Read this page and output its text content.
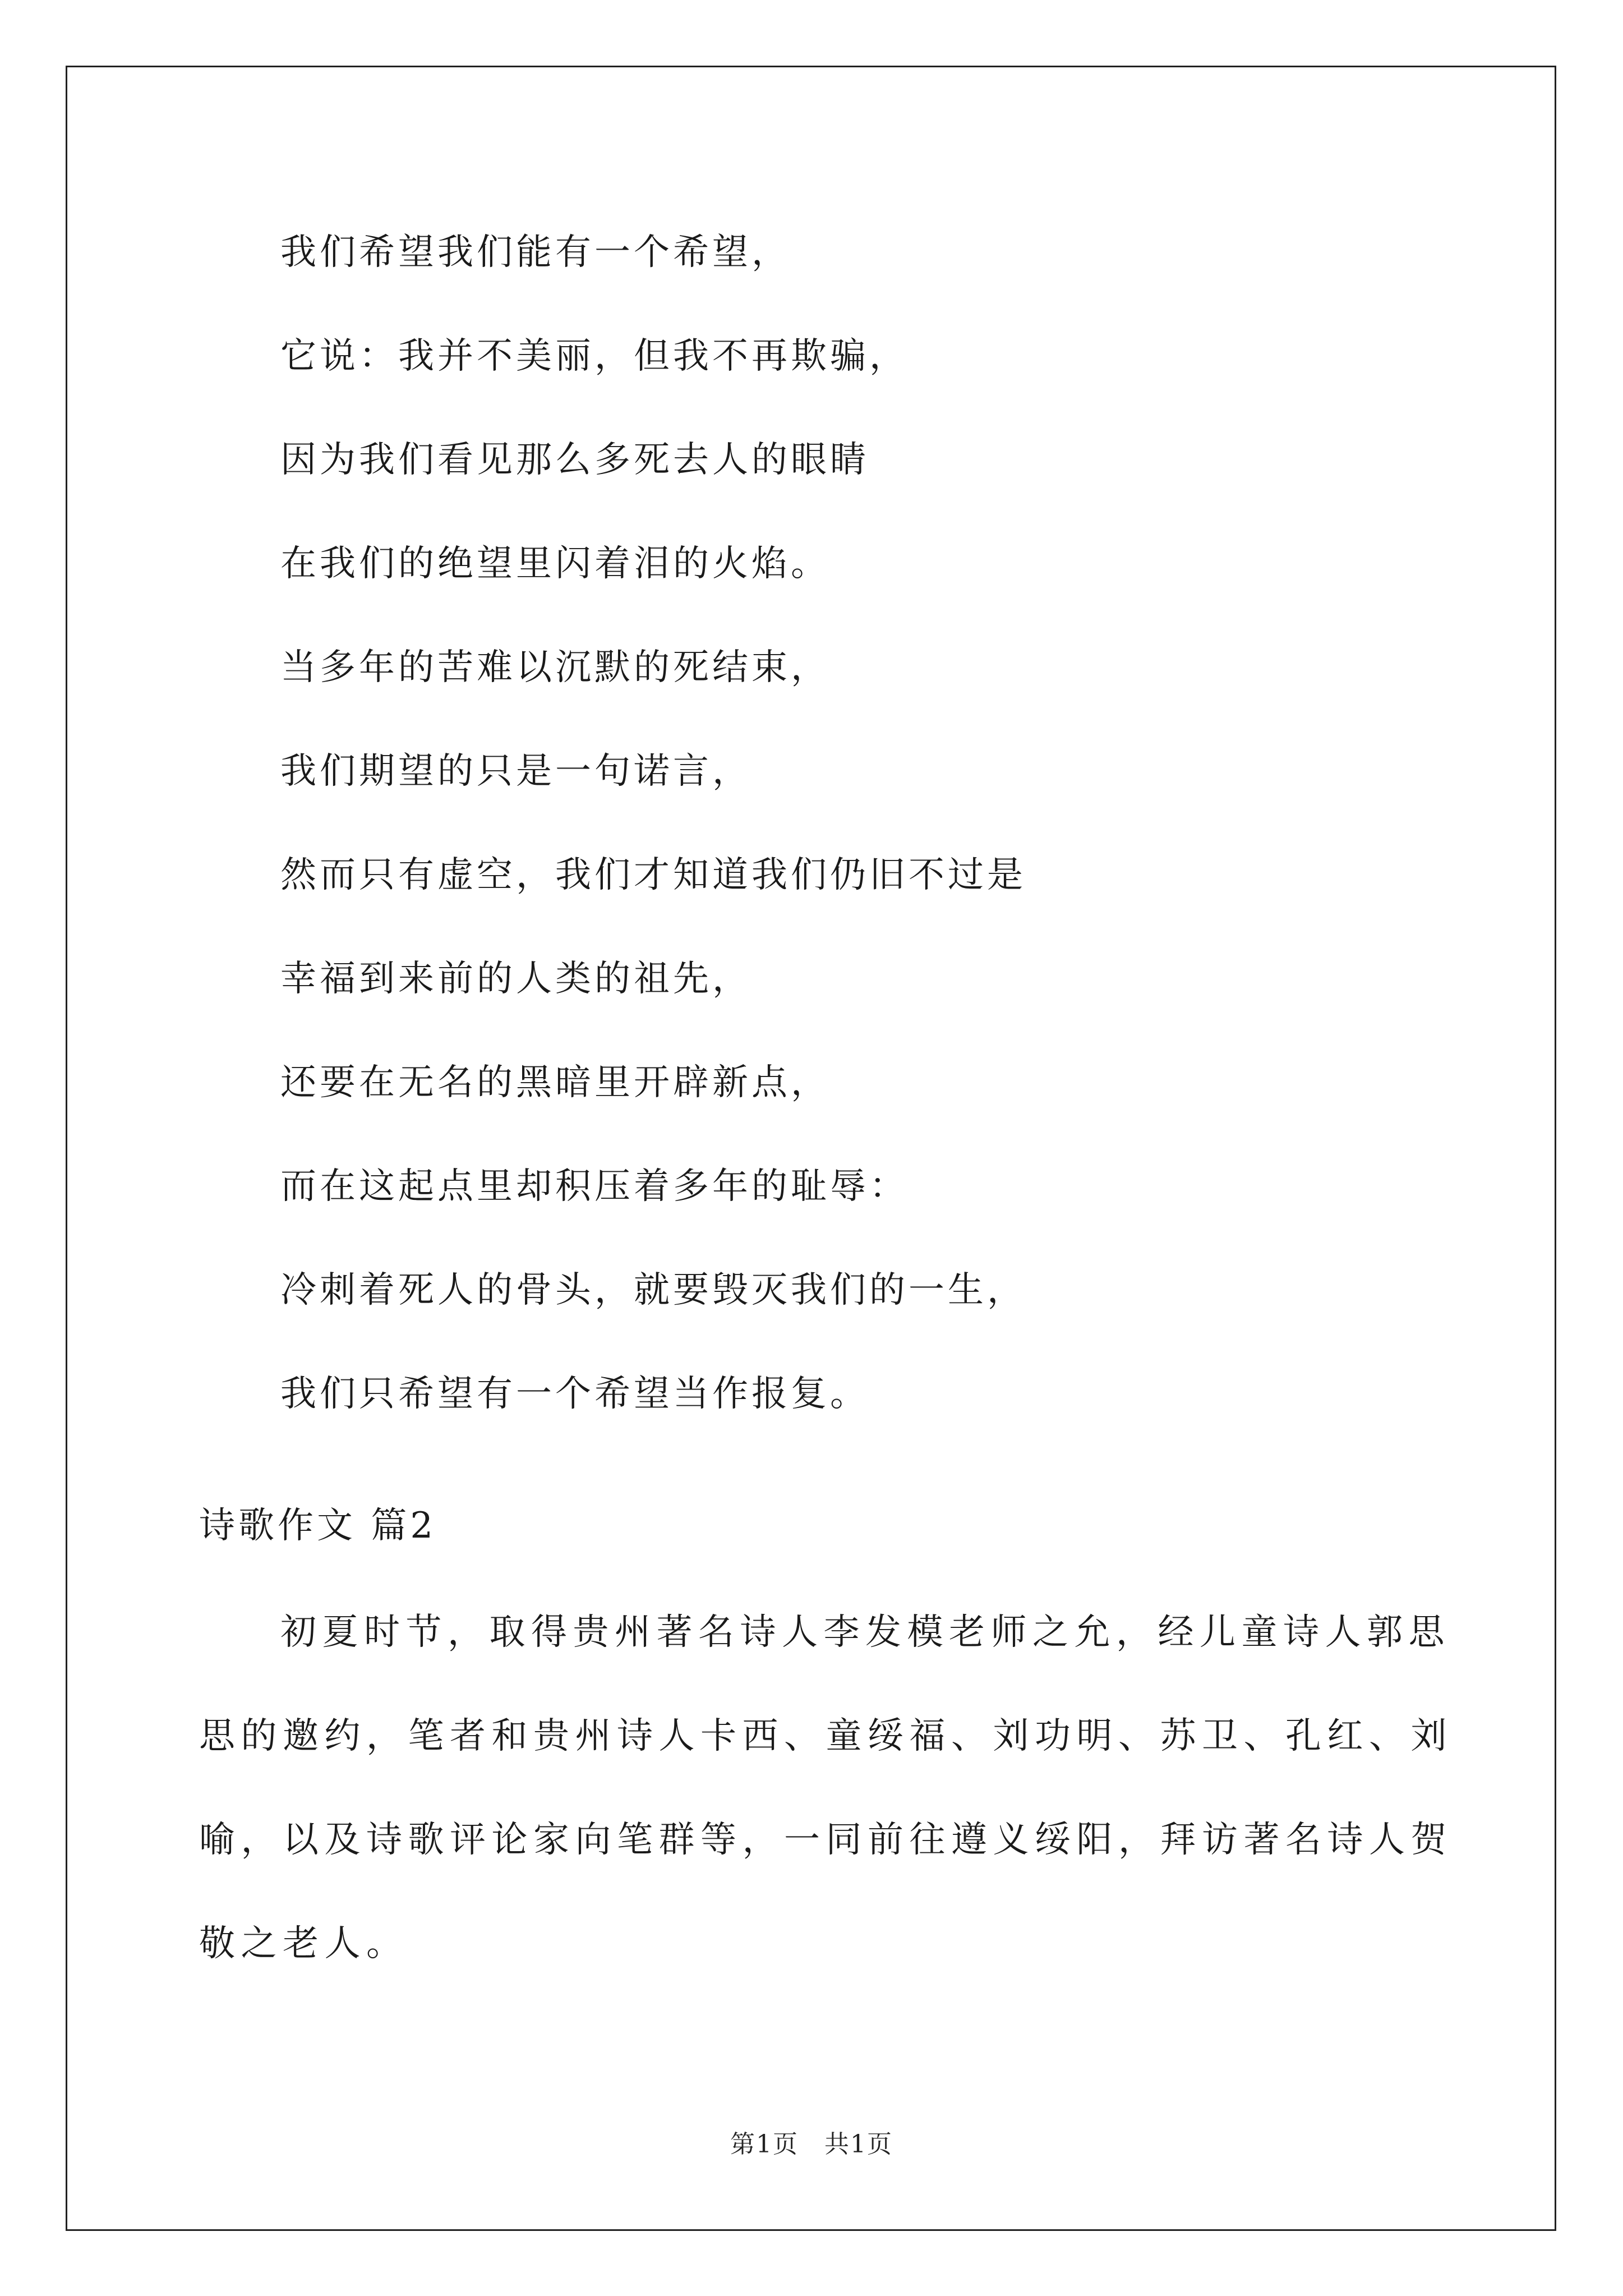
我们希望我们能有一个希望，
它说：我并不美丽，但我不再欺骗，
因为我们看见那么多死去人的眼睛
在我们的绝望里闪着泪的火焰。
当多年的苦难以沉默的死结束，
我们期望的只是一句诺言，
然而只有虚空，我们才知道我们仍旧不过是
幸福到来前的人类的祖先，
还要在无名的黑暗里开辟新点，
而在这起点里却积压着多年的耻辱：
冷刺着死人的骨头，就要毁灭我们的一生，
我们只希望有一个希望当作报复。
诗歌作文 篇2
初夏时节，取得贵州著名诗人李发模老师之允，经儿童诗人郭思
思的邀约，笔者和贵州诗人卡西、童绥福、刘功明、苏卫、孔红、刘
喻，以及诗歌评论家向笔群等，一同前往遵义绥阳，拜访著名诗人贺
敬之老人。
第1页　共1页
